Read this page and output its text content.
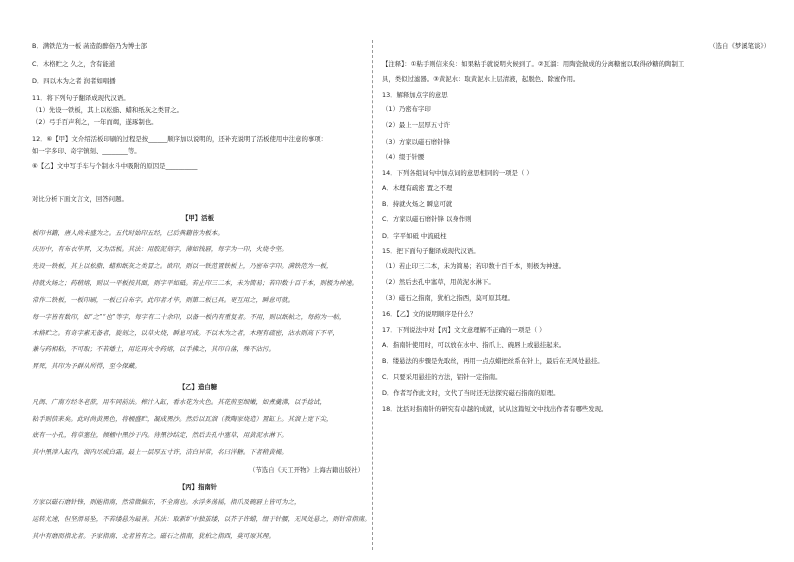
B．满铁范为一板 菡造韵醉俗乃为博士部
C．木格贮之 久之，含有能道
D．四以木为之者 润者如唱播
11．将下列句子翻译成现代汉语。
（1）先设一铁板，其上以松脂、蜡和纸灰之类冒之。
（2）弓手百声利之，一年而竭，遂琢制也。
12．⑥【甲】文介绍活板印刷的过程是按______顺序加以说明的，还补充说明了活板使用中注意的事项：
如一字多印、奇字镇刻、________等。
⑥【乙】文中写手车与个制水斗中吸附的原因是__________
对比分析下面文言文，回答问题。
【甲】活板
板印书籍，唐人尚未盛为之。五代时始印五经，已后典籍皆为板本。
庆历中，有布衣毕昇，又为活板。其法：用胶泥刻字，薄如钱唇，每字为一印，火烧令坚。
先设一铁板，其上以松脂、蜡和纸灰之类冒之。欲印，则以一铁范置铁板上，乃密布字印。满铁范为一板，
持就火炀之；药稍熔，则以一平板按其面，则字平如砥。若止印三二本，未为简易；若印数十百千本，则极为神速。
常作二铁板，一板印刷，一板已自布字。此印者才毕，则第二板已具。更互用之，瞬息可就。
每一字皆有数印，如“之”“也”等字，每字有二十余印，以备一板内有重复者。不用，则以纸帖之，每韵为一帖，
木格贮之。有奇字素无备者，旋刻之，以草火烧，瞬息可成。不以木为之者，木理有疏密，沾水则高下不平，
兼与药相粘，不可取；不若燔土，用讫再火令药熔，以手拂之，其印自落，殊不沾污。
昇死，其印为予群从所得，至今保藏。
【乙】造白糖
凡闽、广南方经冬老蔗，用车同前法。榨汁入缸，看水花为火色。其花煎至细嫩，如煮羹沸，以手捻试，
粘手则信来矣。此时尚黄黑色，将桶盛贮，凝成黑沙。然后以瓦溜（教陶家烧造）置缸上。其溜上宽下尖，
底有一小孔，将草塞住，倾桶中黑沙于内。待黑沙结定，然后去孔中塞草，用黄泥水淋下。
其中黑滓入缸内，溜内尽成白霜。最上一层厚五寸许，洁白异常，名曰洋糖。下者稍黄褐。
（节选自《天工开物》上海古籍出版社）
【丙】指南针
方家以磁石磨针锋，则能指南，然常微偏东，不全南也。水浮多荡摇，指爪及碗唇上皆可为之，
运转尤速，但坚滑易坠，不若缕悬为最善。其法：取新纩中独茧缕，以芥子许蜡，缀于针腰，无风处悬之，则针常指南。
其中有磨而指北者。予家指南、北者皆有之。磁石之指南，犹柏之指西，莫可原其理。
（选自《梦溪笔谈》）
【注释】：①粘手则信来矣：如果粘手就说明火候到了。②瓦溜：用陶瓷做成的分离糖蜜以取得砂糖的陶制工
具，类似过滤器。③黄泥水：取黄泥水上层清液，起脱色、除蜜作用。
13．解释加点字的意思
（1）乃密布字印
（2）最上一层厚五寸许
（3）方家以磁石磨针锋
（4）缀于针腰
14．下列各组词句中加点词的意思相同的一项是（ ）
A．木理有疏密 置之不理
B．持就火炀之 瞬息可就
C．方家以磁石磨针锋 以身作则
D．字平如砥 中流砥柱
15．把下面句子翻译成现代汉语。
（1）若止印三二本，未为简易；若印数十百千本，则极为神速。
（2）然后去孔中塞草，用黄泥水淋下。
（3）磁石之指南，犹柏之指西，莫可原其理。
16．【乙】文的说明顺序是什么？
17．下列说法中对【丙】文文意理解不正确的一项是（ ）
A．指南针使用时，可以放在水中、指爪上、碗唇上或悬挂起来。
B．缕悬法的步骤是先取丝，再用一点点蜡把丝系在针上，最后在无风处悬挂。
C．只要采用悬挂的方法，铝针一定指南。
D．作者写作此文时，文代了当时还无法探究磁石指南的原理。
18．沈括对指南针的研究有卓越的成就，试从这篇短文中找出作者有哪些发现。
